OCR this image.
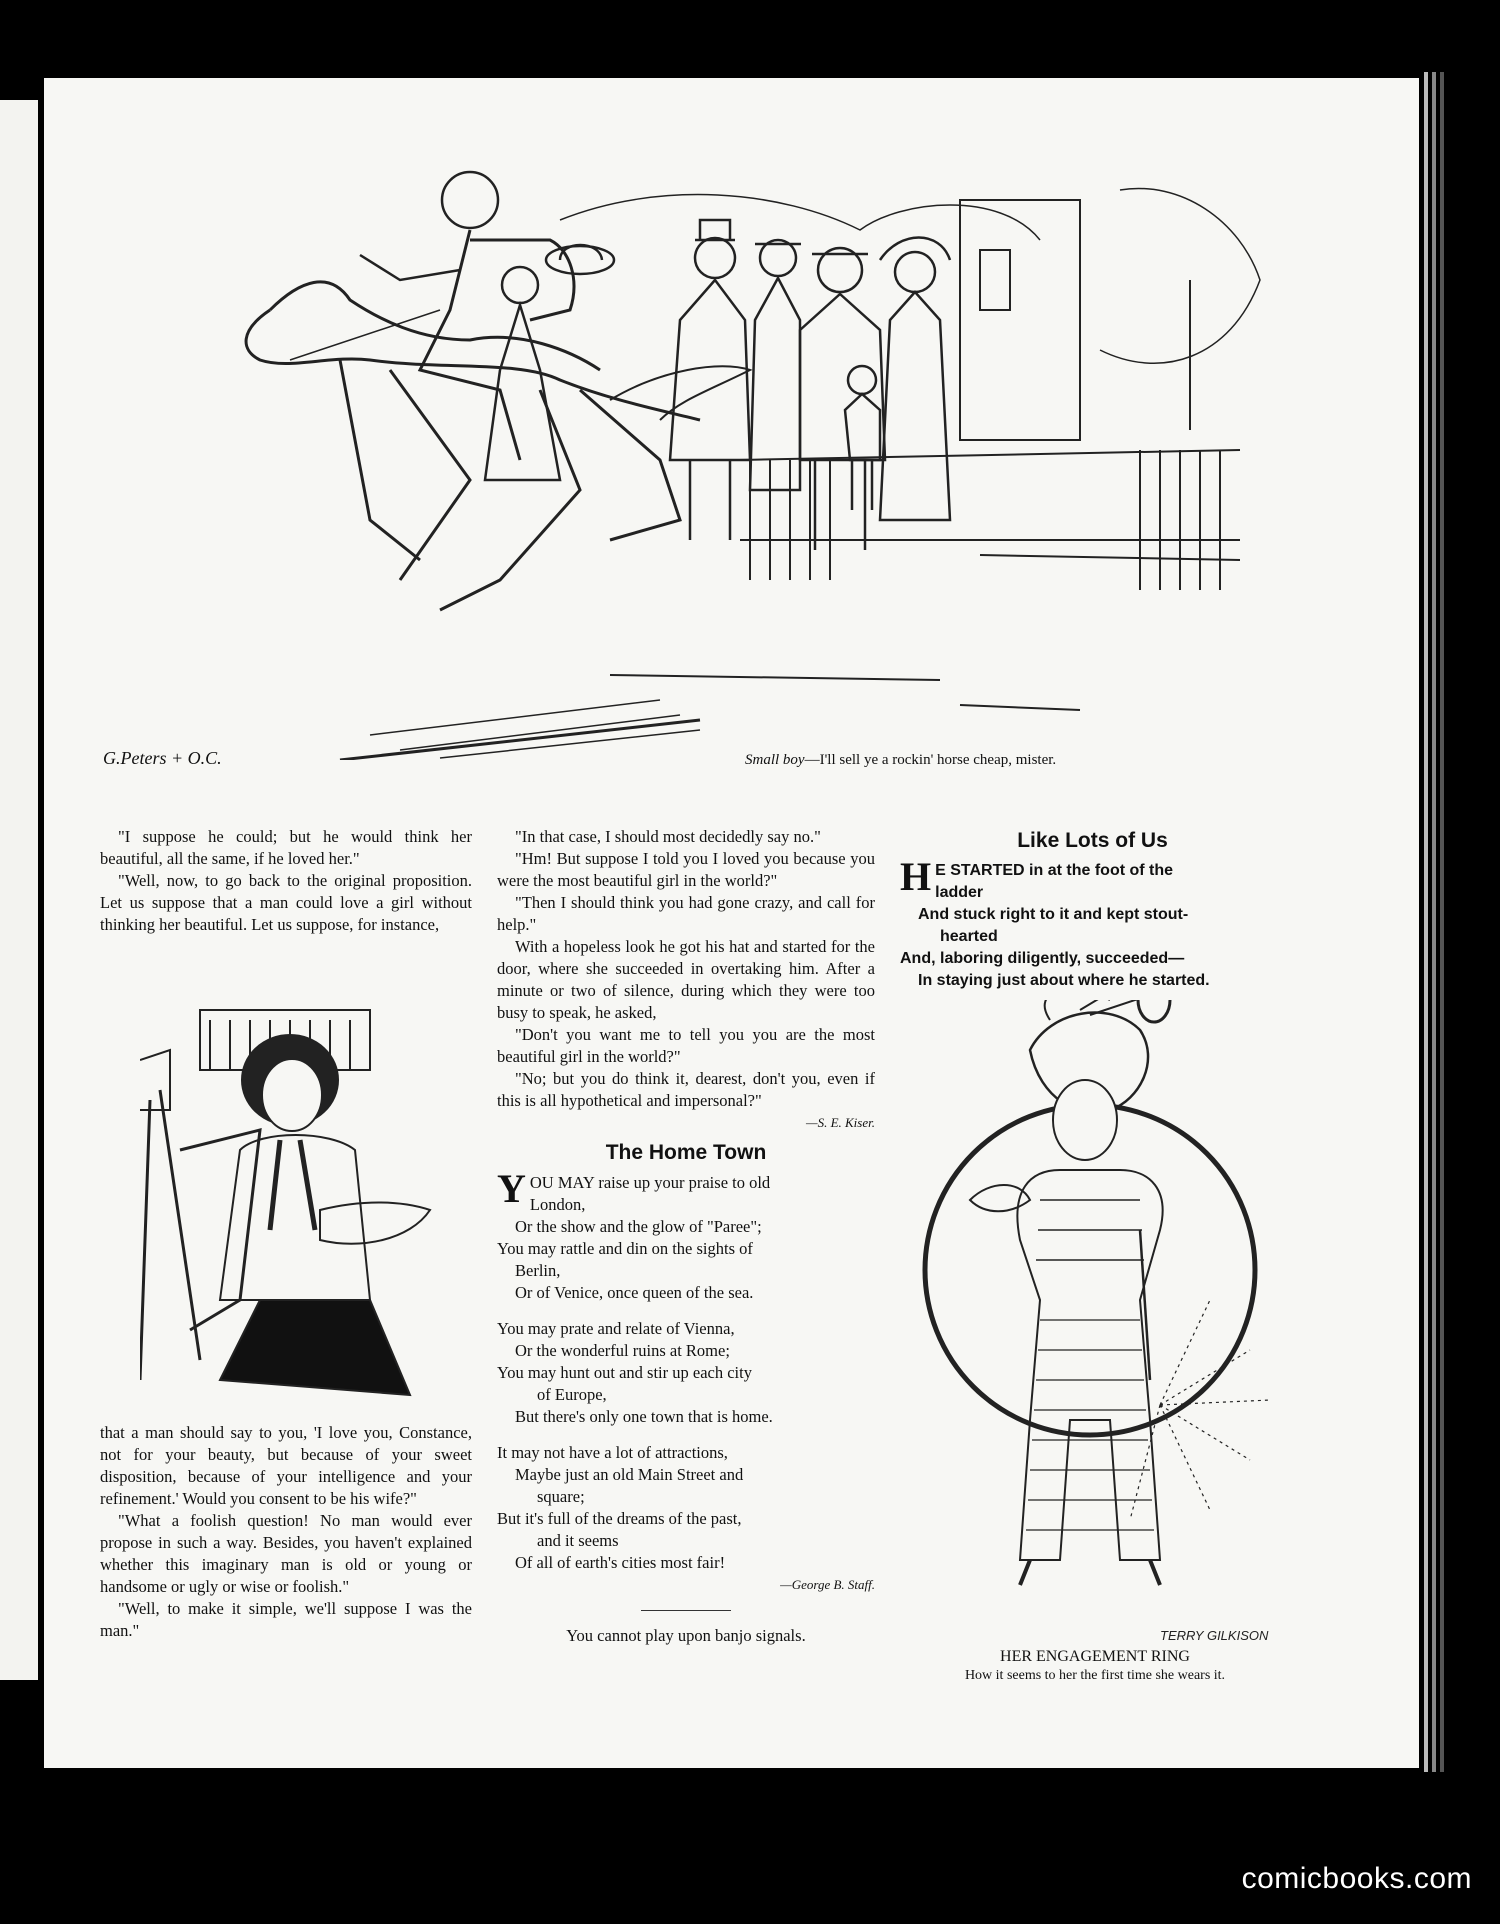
G.Peters + O.C.	Small boy—I'll sell ye a rockin' horse cheap, mister.

"I suppose he could; but he would think her beautiful, all the same, if he loved her."

"Well, now, to go back to the original proposition. Let us suppose that a man could love a girl without thinking her beautiful. Let us suppose, for instance,

that a man should say to you, 'I love you, Constance, not for your beauty, but because of your sweet disposition, because of your intelligence and your refinement.' Would you consent to be his wife?"

"What a foolish question! No man would ever propose in such a way. Besides, you haven't explained whether this imaginary man is old or young or handsome or ugly or wise or foolish."

"Well, to make it simple, we'll suppose I was the man."

"In that case, I should most decidedly say no."

"Hm! But suppose I told you I loved you because you were the most beautiful girl in the world?"

"Then I should think you had gone crazy, and call for help."

With a hopeless look he got his hat and started for the door, where she succeeded in overtaking him. After a minute or two of silence, during which they were too busy to speak, he asked,

"Don't you want me to tell you you are the most beautiful girl in the world?"

"No; but you do think it, dearest, don't you, even if this is all hypothetical and impersonal?"

—S. E. Kiser.
The Home Town
Y OU MAY raise up your praise to old
London,
Or the show and the glow of "Paree";
You may rattle and din on the sights of
Berlin,
Or of Venice, once queen of the sea.
You may prate and relate of Vienna,
Or the wonderful ruins at Rome;
You may hunt out and stir up each city
of Europe,
But there's only one town that is home.
It may not have a lot of attractions,
Maybe just an old Main Street and
square;
But it's full of the dreams of the past,
and it seems
Of all of earth's cities most fair!
—George B. Staff.
You cannot play upon banjo signals.
Like Lots of Us
H E STARTED in at the foot of the
ladder
And stuck right to it and kept stout-
hearted
And, laboring diligently, succeeded—
In staying just about where he started.
TERRY GILKISON
HER ENGAGEMENT RING
How it seems to her the first time she wears it.
comicbooks.com
